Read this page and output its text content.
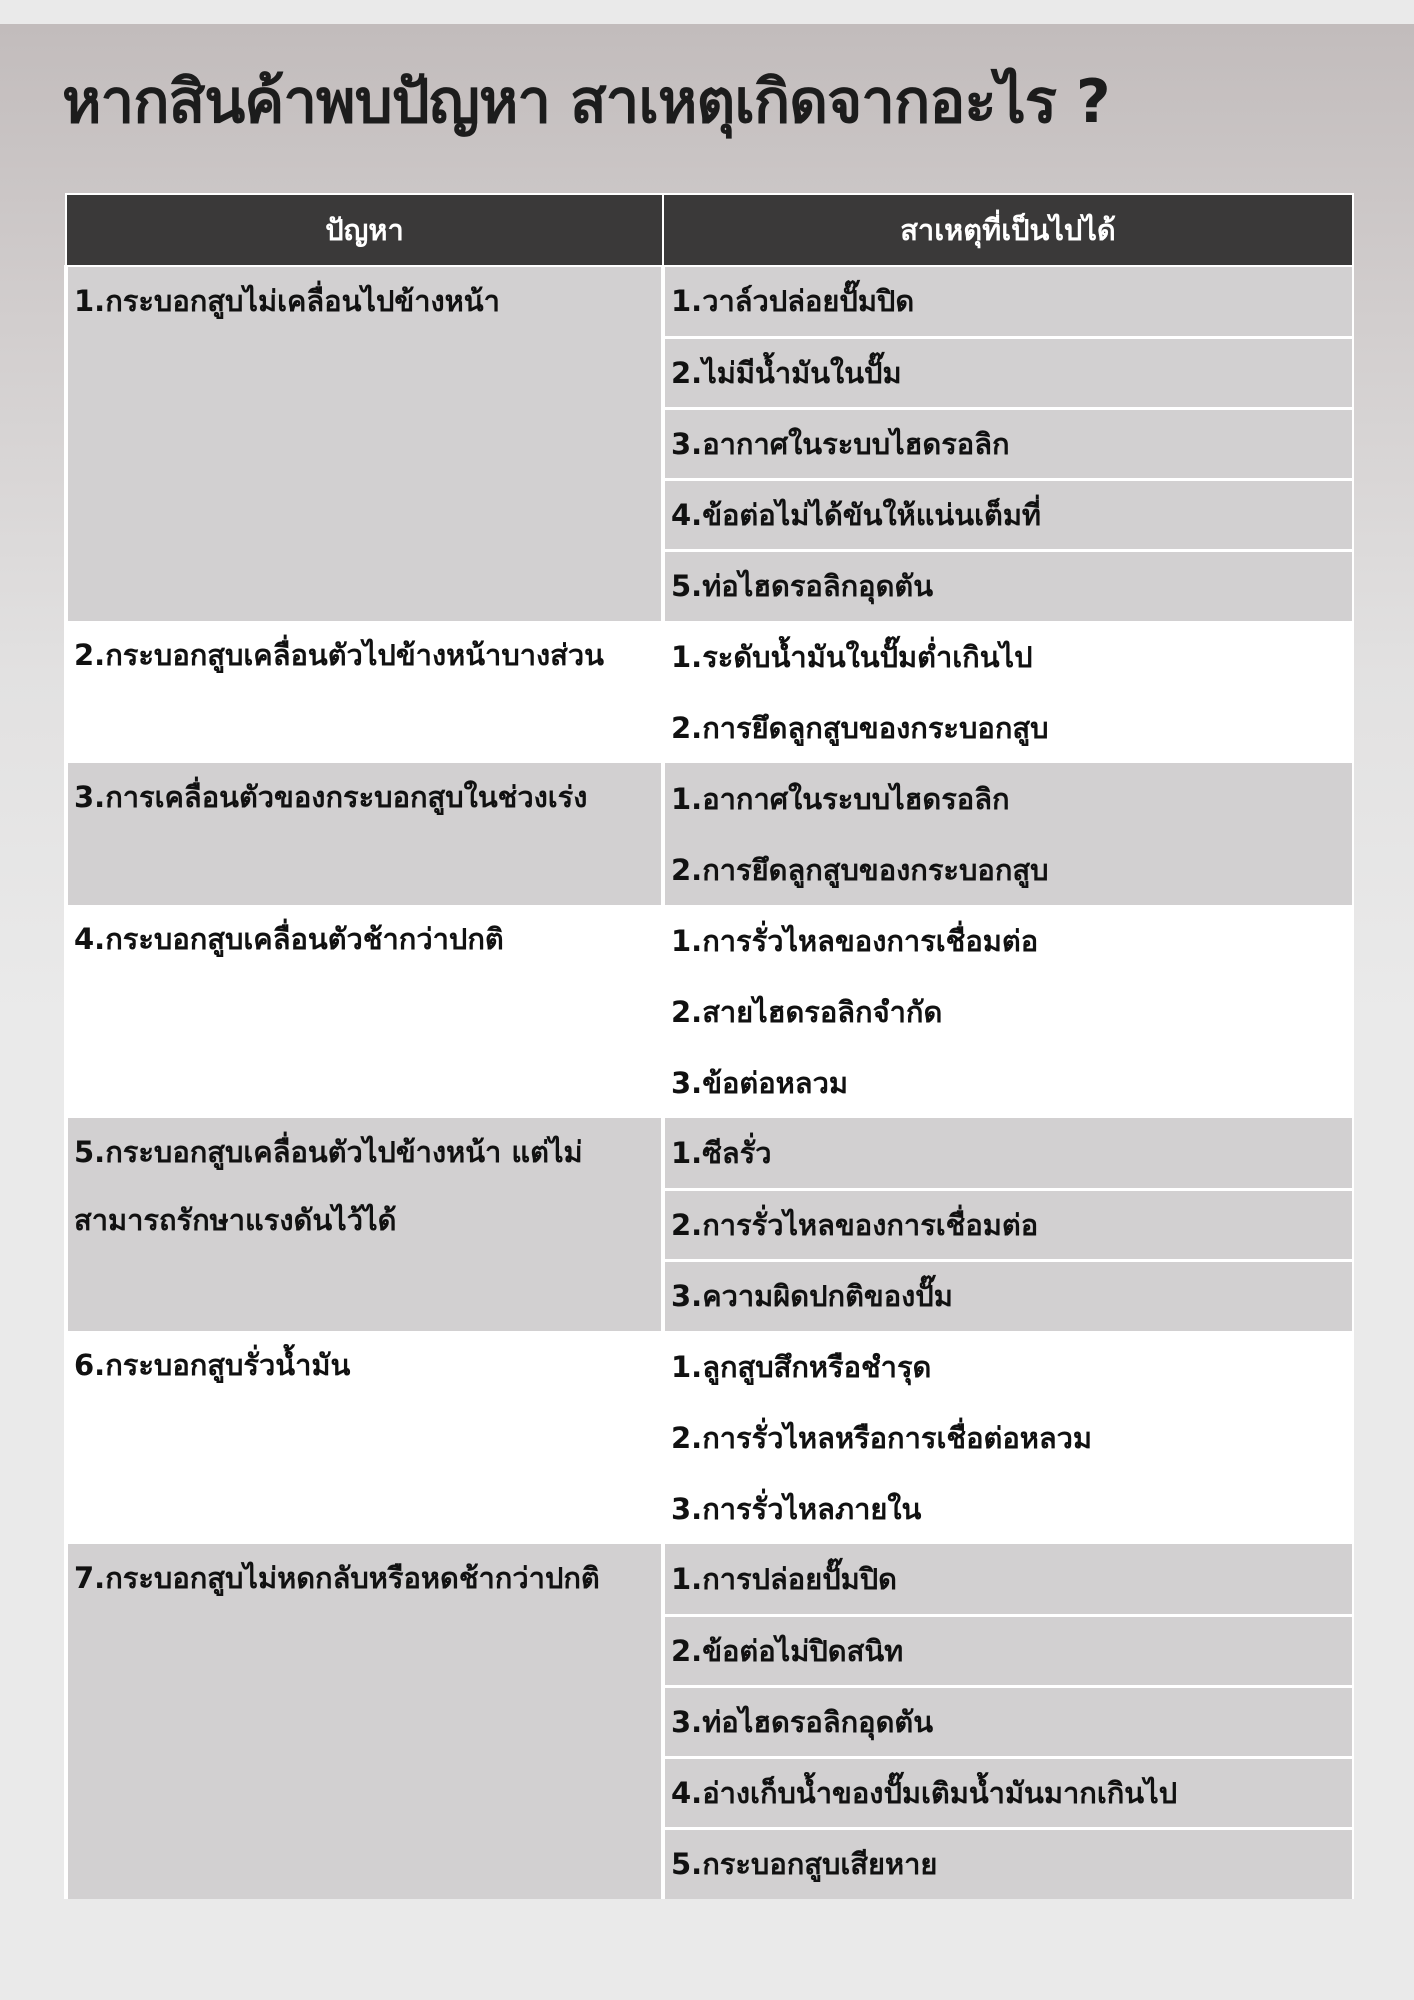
หากสินค้าพบปัญหา สาเหตุเกิดจากอะไร ?
ปัญหา	สาเหตุที่เป็นไปได้
1.กระบอกสูบไม่เคลื่อนไปข้างหน้า	1.วาล์วปล่อยปั๊มปิด
	2.ไม่มีน้ำมันในปั๊ม
	3.อากาศในระบบไฮดรอลิก
	4.ข้อต่อไม่ได้ขันให้แน่นเต็มที่
	5.ท่อไฮดรอลิกอุดตัน
2.กระบอกสูบเคลื่อนตัวไปข้างหน้าบางส่วน	1.ระดับน้ำมันในปั๊มต่ำเกินไป
	2.การยึดลูกสูบของกระบอกสูบ
3.การเคลื่อนตัวของกระบอกสูบในช่วงเร่ง	1.อากาศในระบบไฮดรอลิก
	2.การยึดลูกสูบของกระบอกสูบ
4.กระบอกสูบเคลื่อนตัวช้ากว่าปกติ	1.การรั่วไหลของการเชื่อมต่อ
	2.สายไฮดรอลิกจำกัด
	3.ข้อต่อหลวม
5.กระบอกสูบเคลื่อนตัวไปข้างหน้า แต่ไม่สามารถรักษาแรงดันไว้ได้	1.ซีลรั่ว
	2.การรั่วไหลของการเชื่อมต่อ
	3.ความผิดปกติของปั๊ม
6.กระบอกสูบรั่วน้ำมัน	1.ลูกสูบสึกหรือชำรุด
	2.การรั่วไหลหรือการเชื่อต่อหลวม
	3.การรั่วไหลภายใน
7.กระบอกสูบไม่หดกลับหรือหดช้ากว่าปกติ	1.การปล่อยปั๊มปิด
	2.ข้อต่อไม่ปิดสนิท
	3.ท่อไฮดรอลิกอุดตัน
	4.อ่างเก็บน้ำของปั๊มเติมน้ำมันมากเกินไป
	5.กระบอกสูบเสียหาย
